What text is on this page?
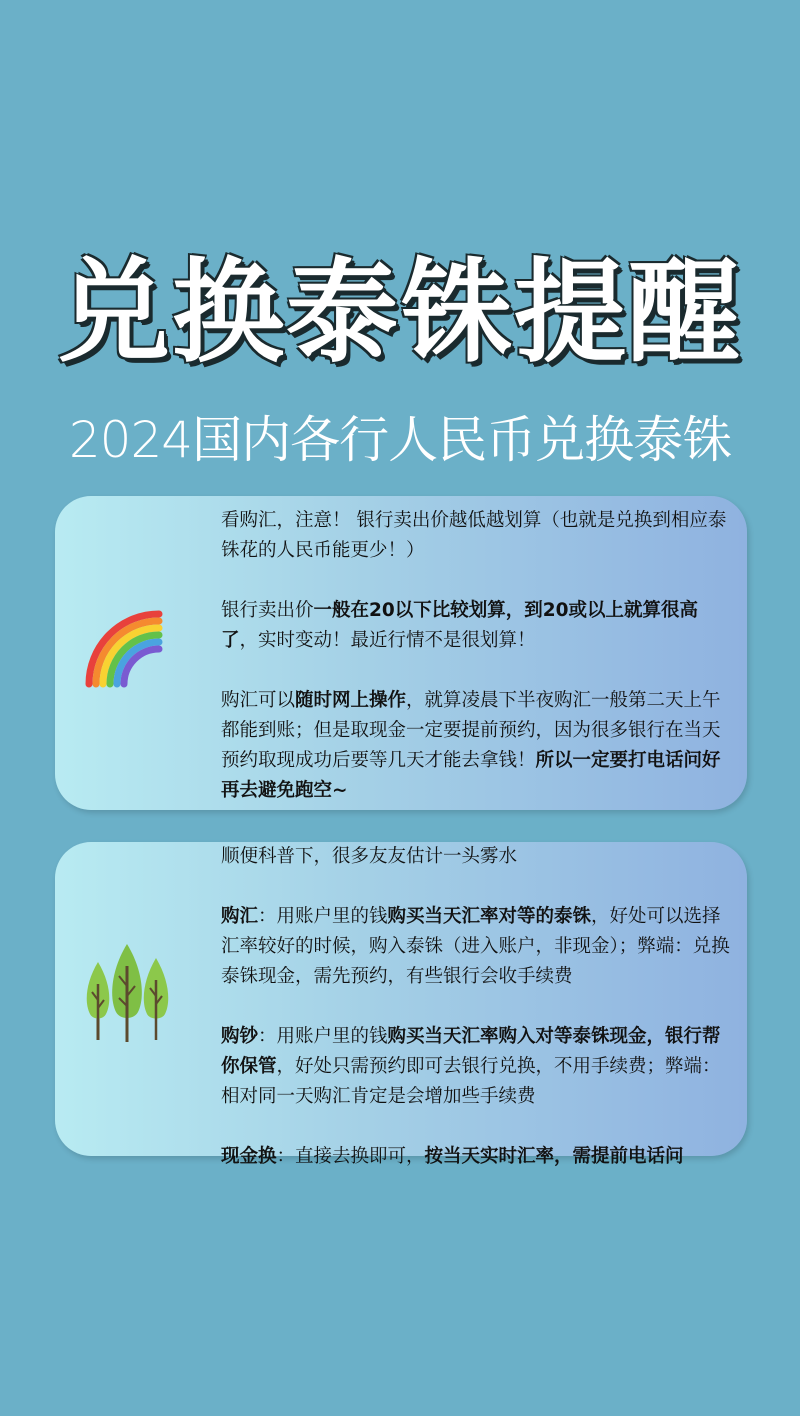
兑换泰铢提醒
2024国内各行人民币兑换泰铢

看购汇，注意！ 银行卖出价越低越划算（也就是兑换到相应泰铢花的人民币能更少！）

银行卖出价一般在20以下比较划算，到20或以上就算很高了，实时变动！最近行情不是很划算！

购汇可以随时网上操作，就算凌晨下半夜购汇一般第二天上午都能到账；但是取现金一定要提前预约，因为很多银行在当天预约取现成功后要等几天才能去拿钱！所以一定要打电话问好再去避免跑空~

顺便科普下，很多友友估计一头雾水

购汇：用账户里的钱购买当天汇率对等的泰铢，好处可以选择汇率较好的时候，购入泰铢（进入账户，非现金）；弊端：兑换泰铢现金，需先预约，有些银行会收手续费

购钞：用账户里的钱购买当天汇率购入对等泰铢现金，银行帮你保管，好处只需预约即可去银行兑换，不用手续费；弊端：相对同一天购汇肯定是会增加些手续费

现金换：直接去换即可，按当天实时汇率，需提前电话问
